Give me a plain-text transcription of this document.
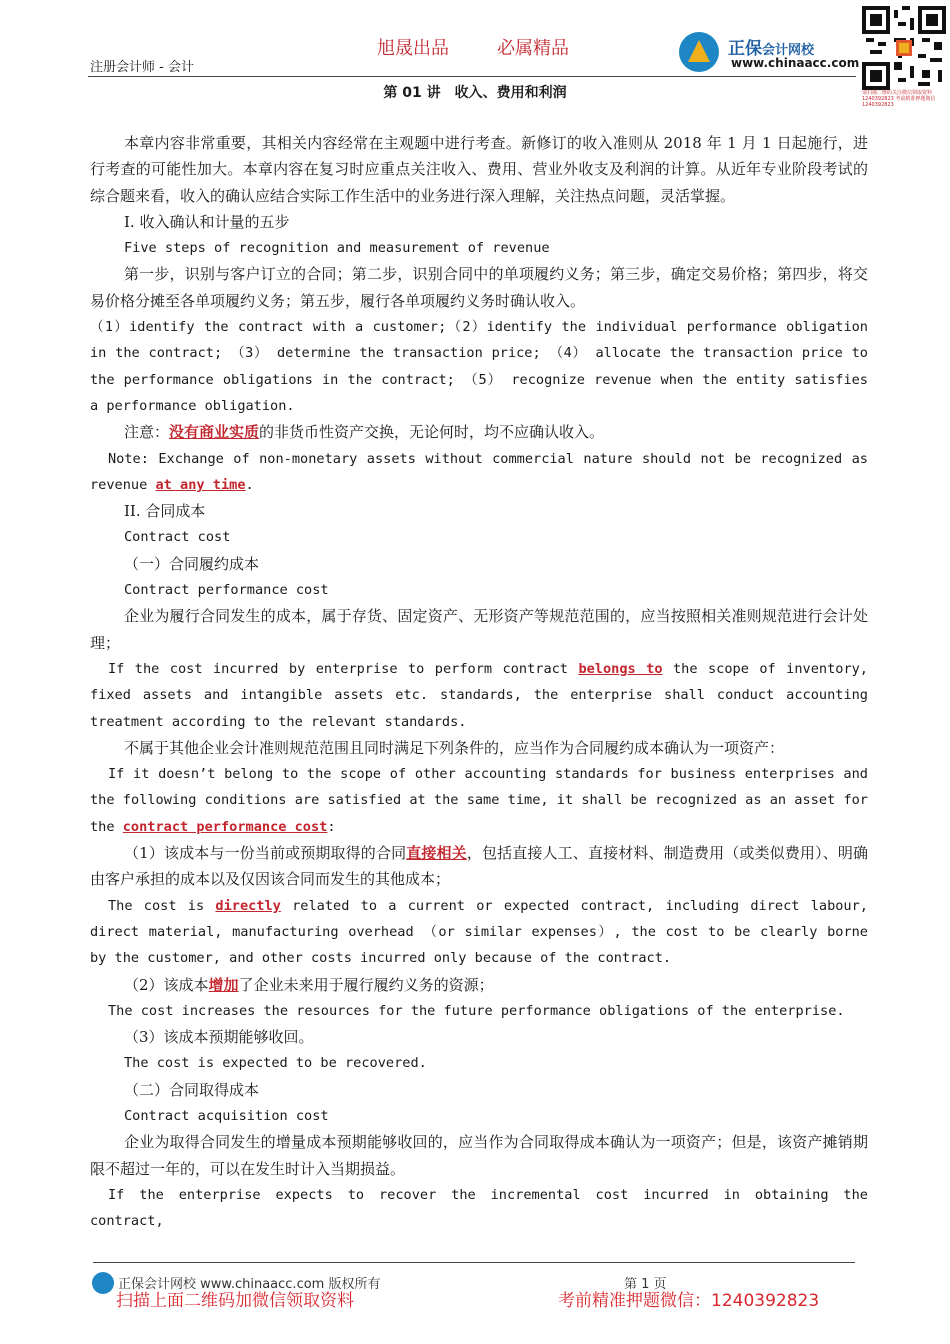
旭晟出品	必属精品
注册会计师 - 会计
正保会计网校
www.chinaacc.com
请扫描二维码关注微信领取资料 1240392823 考前精准押题微信 1240392823
第 01 讲　收入、费用和利润

本章内容非常重要，其相关内容经常在主观题中进行考查。新修订的收入准则从 2018 年 1 月 1 日起施行，进行考查的可能性加大。本章内容在复习时应重点关注收入、费用、营业外收支及利润的计算。从近年专业阶段考试的综合题来看，收入的确认应结合实际工作生活中的业务进行深入理解，关注热点问题，灵活掌握。

I. 收入确认和计量的五步

Five steps of recognition and measurement of revenue

第一步，识别与客户订立的合同；第二步，识别合同中的单项履约义务；第三步，确定交易价格；第四步，将交易价格分摊至各单项履约义务；第五步，履行各单项履约义务时确认收入。

（1）identify the contract with a customer;（2）identify the individual performance obligation in the contract; （3） determine the transaction price; （4） allocate the transaction price to the performance obligations in the contract; （5） recognize revenue when the entity satisfies a performance obligation.

注意：没有商业实质的非货币性资产交换，无论何时，均不应确认收入。

Note: Exchange of non-monetary assets without commercial nature should not be recognized as revenue at any time.

II. 合同成本

Contract cost

（一）合同履约成本

Contract performance cost

企业为履行合同发生的成本，属于存货、固定资产、无形资产等规范范围的，应当按照相关准则规范进行会计处理；

If the cost incurred by enterprise to perform contract belongs to the scope of inventory, fixed assets and intangible assets etc. standards, the enterprise shall conduct accounting treatment according to the relevant standards.

不属于其他企业会计准则规范范围且同时满足下列条件的，应当作为合同履约成本确认为一项资产：

If it doesn’t belong to the scope of other accounting standards for business enterprises and the following conditions are satisfied at the same time, it shall be recognized as an asset for the contract performance cost:

（1）该成本与一份当前或预期取得的合同直接相关，包括直接人工、直接材料、制造费用（或类似费用）、明确由客户承担的成本以及仅因该合同而发生的其他成本；

The cost is directly related to a current or expected contract, including direct labour, direct material, manufacturing overhead （or similar expenses）, the cost to be clearly borne by the customer, and other costs incurred only because of the contract.

（2）该成本增加了企业未来用于履行履约义务的资源；

The cost increases the resources for the future performance obligations of the enterprise.

（3）该成本预期能够收回。

The cost is expected to be recovered.

（二）合同取得成本

Contract acquisition cost

企业为取得合同发生的增量成本预期能够收回的，应当作为合同取得成本确认为一项资产；但是，该资产摊销期限不超过一年的，可以在发生时计入当期损益。

If the enterprise expects to recover the incremental cost incurred in obtaining the contract,

正保会计网校 www.chinaacc.com 版权所有	第 1 页
扫描上面二维码加微信领取资料	考前精准押题微信：1240392823
